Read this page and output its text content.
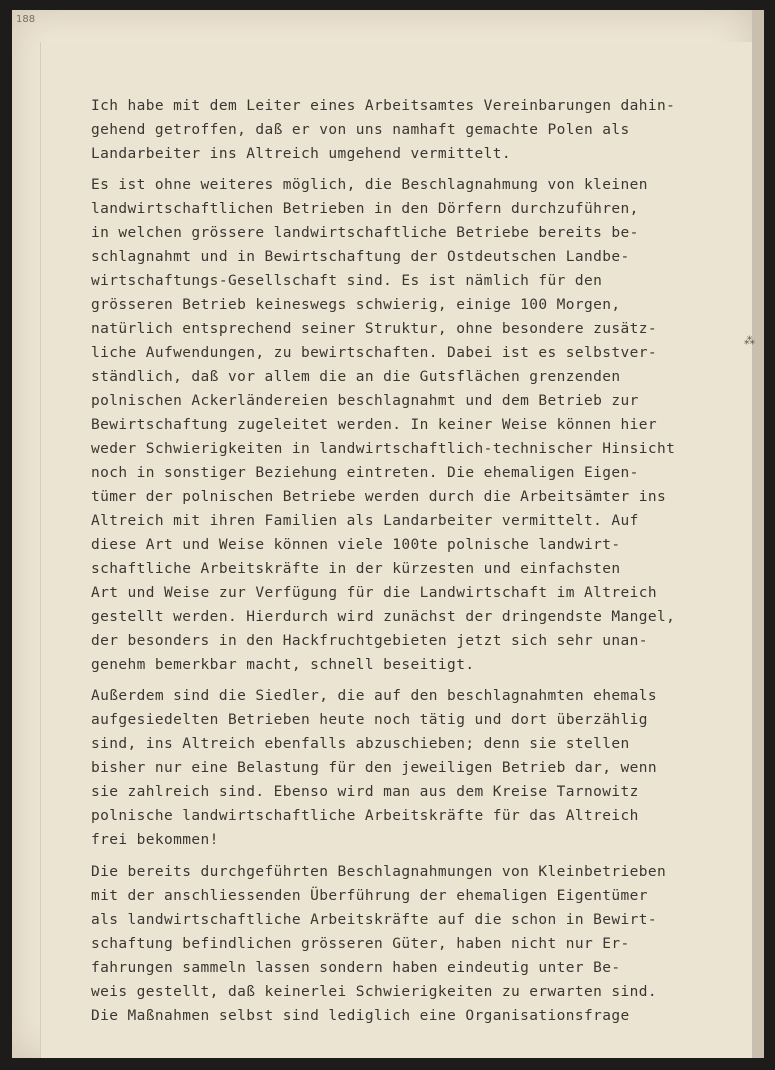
188
⁂
Ich habe mit dem Leiter eines Arbeitsamtes Vereinbarungen dahin-
gehend getroffen, daß er von uns namhaft gemachte Polen als
Landarbeiter ins Altreich umgehend vermittelt.
Es ist ohne weiteres möglich, die Beschlagnahmung von kleinen
landwirtschaftlichen Betrieben in den Dörfern durchzuführen,
in welchen grössere landwirtschaftliche Betriebe bereits be-
schlagnahmt und in Bewirtschaftung der Ostdeutschen Landbe-
wirtschaftungs-Gesellschaft sind. Es ist nämlich für den
grösseren Betrieb keineswegs schwierig, einige 100 Morgen,
natürlich entsprechend seiner Struktur, ohne besondere zusätz-
liche Aufwendungen, zu bewirtschaften. Dabei ist es selbstver-
ständlich, daß vor allem die an die Gutsflächen grenzenden
polnischen Ackerländereien beschlagnahmt und dem Betrieb zur
Bewirtschaftung zugeleitet werden. In keiner Weise können hier
weder Schwierigkeiten in landwirtschaftlich-technischer Hinsicht
noch in sonstiger Beziehung eintreten. Die ehemaligen Eigen-
tümer der polnischen Betriebe werden durch die Arbeitsämter ins
Altreich mit ihren Familien als Landarbeiter vermittelt. Auf
diese Art und Weise können viele 100te polnische landwirt-
schaftliche Arbeitskräfte in der kürzesten und einfachsten
Art und Weise zur Verfügung für die Landwirtschaft im Altreich
gestellt werden. Hierdurch wird zunächst der dringendste Mangel,
der besonders in den Hackfruchtgebieten jetzt sich sehr unan-
genehm bemerkbar macht, schnell beseitigt.
Außerdem sind die Siedler, die auf den beschlagnahmten ehemals
aufgesiedelten Betrieben heute noch tätig und dort überzählig
sind, ins Altreich ebenfalls abzuschieben; denn sie stellen
bisher nur eine Belastung für den jeweiligen Betrieb dar, wenn
sie zahlreich sind. Ebenso wird man aus dem Kreise Tarnowitz
polnische landwirtschaftliche Arbeitskräfte für das Altreich
frei bekommen!
Die bereits durchgeführten Beschlagnahmungen von Kleinbetrieben
mit der anschliessenden Überführung der ehemaligen Eigentümer
als landwirtschaftliche Arbeitskräfte auf die schon in Bewirt-
schaftung befindlichen grösseren Güter, haben nicht nur Er-
fahrungen sammeln lassen sondern haben eindeutig unter Be-
weis gestellt, daß keinerlei Schwierigkeiten zu erwarten sind.
Die Maßnahmen selbst sind lediglich eine Organisationsfrage
